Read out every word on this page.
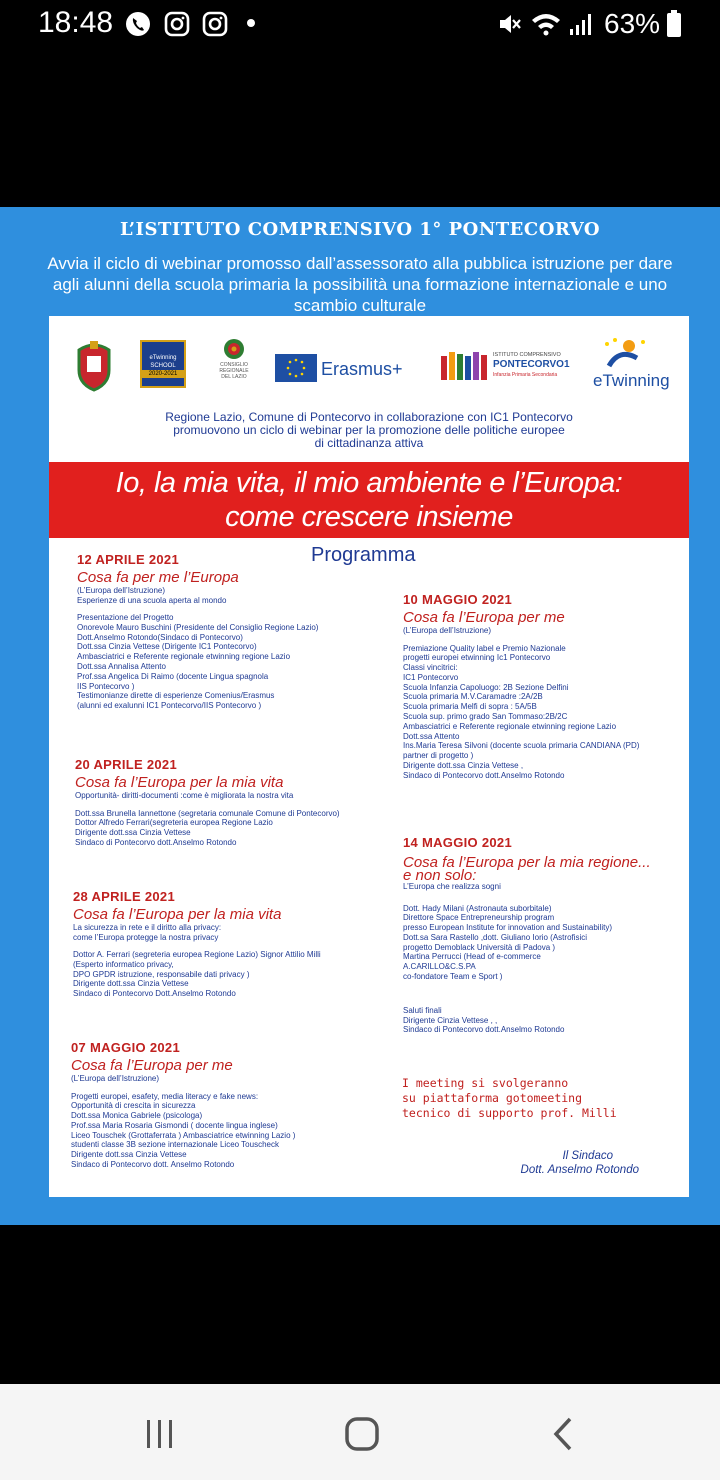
18:48	63%
L’ISTITUTO COMPRENSIVO 1° PONTECORVO
Avvia il ciclo di webinar promosso dall’assessorato alla pubblica istruzione per dare
agli alunni della scuola primaria la possibilità una formazione internazionale e uno
scambio culturale
eTwinning
SCHOOL
2020-2021
CONSIGLIO
REGIONALE
DEL LAZIO	Erasmus+
ISTITUTO COMPRENSIVO
PONTECORVO1
Infanzia Primaria Secondaria eTwinning
Regione Lazio, Comune di Pontecorvo in collaborazione con IC1 Pontecorvo
promuovono un ciclo di webinar per la promozione delle politiche europee
di cittadinanza attiva
Io, la mia vita, il mio ambiente e l’Europa:
come crescere insieme
Programma
12 APRILE 2021
Cosa fa per me l’Europa
(L’Europa dell’Istruzione)
Esperienze di una scuola aperta al mondo
Presentazione del Progetto
Onorevole Mauro Buschini (Presidente del Consiglio Regione Lazio)
Dott.Anselmo Rotondo(Sindaco di Pontecorvo)
Dott.ssa Cinzia Vettese (Dirigente IC1 Pontecorvo)
Ambasciatrici e Referente regionale etwinning regione Lazio
Dott.ssa Annalisa Attento
Prof.ssa Angelica Di Raimo (docente Lingua spagnola
IIS Pontecorvo )
Testimonianze dirette di esperienze Comenius/Erasmus
(alunni ed exalunni IC1 Pontecorvo/IIS Pontecorvo )
20 APRILE 2021
Cosa fa l’Europa per la mia vita
Opportunità- diritti-documenti :come è migliorata la nostra vita
Dott.ssa Brunella Iannettone (segretaria comunale Comune di Pontecorvo)
Dottor Alfredo Ferrari(segreteria europea Regione Lazio
Dirigente dott.ssa Cinzia Vettese
Sindaco di Pontecorvo dott.Anselmo Rotondo
28 APRILE 2021
Cosa fa l’Europa per la mia vita
La sicurezza in rete e il diritto alla privacy:
come l’Europa protegge la nostra privacy
Dottor A. Ferrari (segreteria europea Regione Lazio) Signor Attilio Milli
(Esperto informatico privacy,
DPO GPDR istruzione, responsabile dati privacy )
Dirigente dott.ssa Cinzia Vettese
Sindaco di Pontecorvo Dott.Anselmo Rotondo
07 MAGGIO 2021
Cosa fa l’Europa per me
(L’Europa dell’Istruzione)
Progetti europei, esafety, media literacy e fake news:
Opportunità di crescita in sicurezza
Dott.ssa Monica Gabriele (psicologa)
Prof.ssa Maria Rosaria Gismondi ( docente lingua inglese)
Liceo Touschek (Grottaferrata ) Ambasciatrice etwinning Lazio )
studenti classe 3B sezione internazionale Liceo Touscheck
Dirigente dott.ssa Cinzia Vettese
Sindaco di Pontecorvo dott. Anselmo Rotondo
10 MAGGIO 2021
Cosa fa l’Europa per me
(L’Europa dell’Istruzione)
Premiazione Quality label e Premio Nazionale
progetti europei etwinning Ic1 Pontecorvo
Classi vincitrici:
IC1 Pontecorvo
Scuola Infanzia Capoluogo: 2B Sezione Delfini
Scuola primaria M.V.Caramadre :2A/2B
Scuola primaria Melfi di sopra : 5A/5B
Scuola sup. primo grado San Tommaso:2B/2C
Ambasciatrici e Referente regionale etwinning regione Lazio
Dott.ssa Attento
Ins.Maria Teresa Silvoni (docente scuola primaria CANDIANA (PD)
partner di progetto )
Dirigente dott.ssa Cinzia Vettese ,
Sindaco di Pontecorvo dott.Anselmo Rotondo
14 MAGGIO 2021
Cosa fa l’Europa per la mia regione...
e non solo:
L’Europa che realizza sogni
Dott. Hady Milani (Astronauta suborbitale)
Direttore Space Entrepreneurship program
presso European Institute for innovation and Sustainability)
Dott.sa Sara Rastello ,dott. Giuliano Iorio (Astrofisici
progetto Demoblack Università di Padova )
Martina Perrucci (Head of e-commerce
A.CARILLO&C.S.PA
co-fondatore Team e Sport )
Saluti finali
Dirigente Cinzia Vettese , ,
Sindaco di Pontecorvo dott.Anselmo Rotondo
I meeting si svolgeranno
su piattaforma gotomeeting
tecnico di supporto prof. Milli
Il Sindaco
Dott. Anselmo Rotondo
